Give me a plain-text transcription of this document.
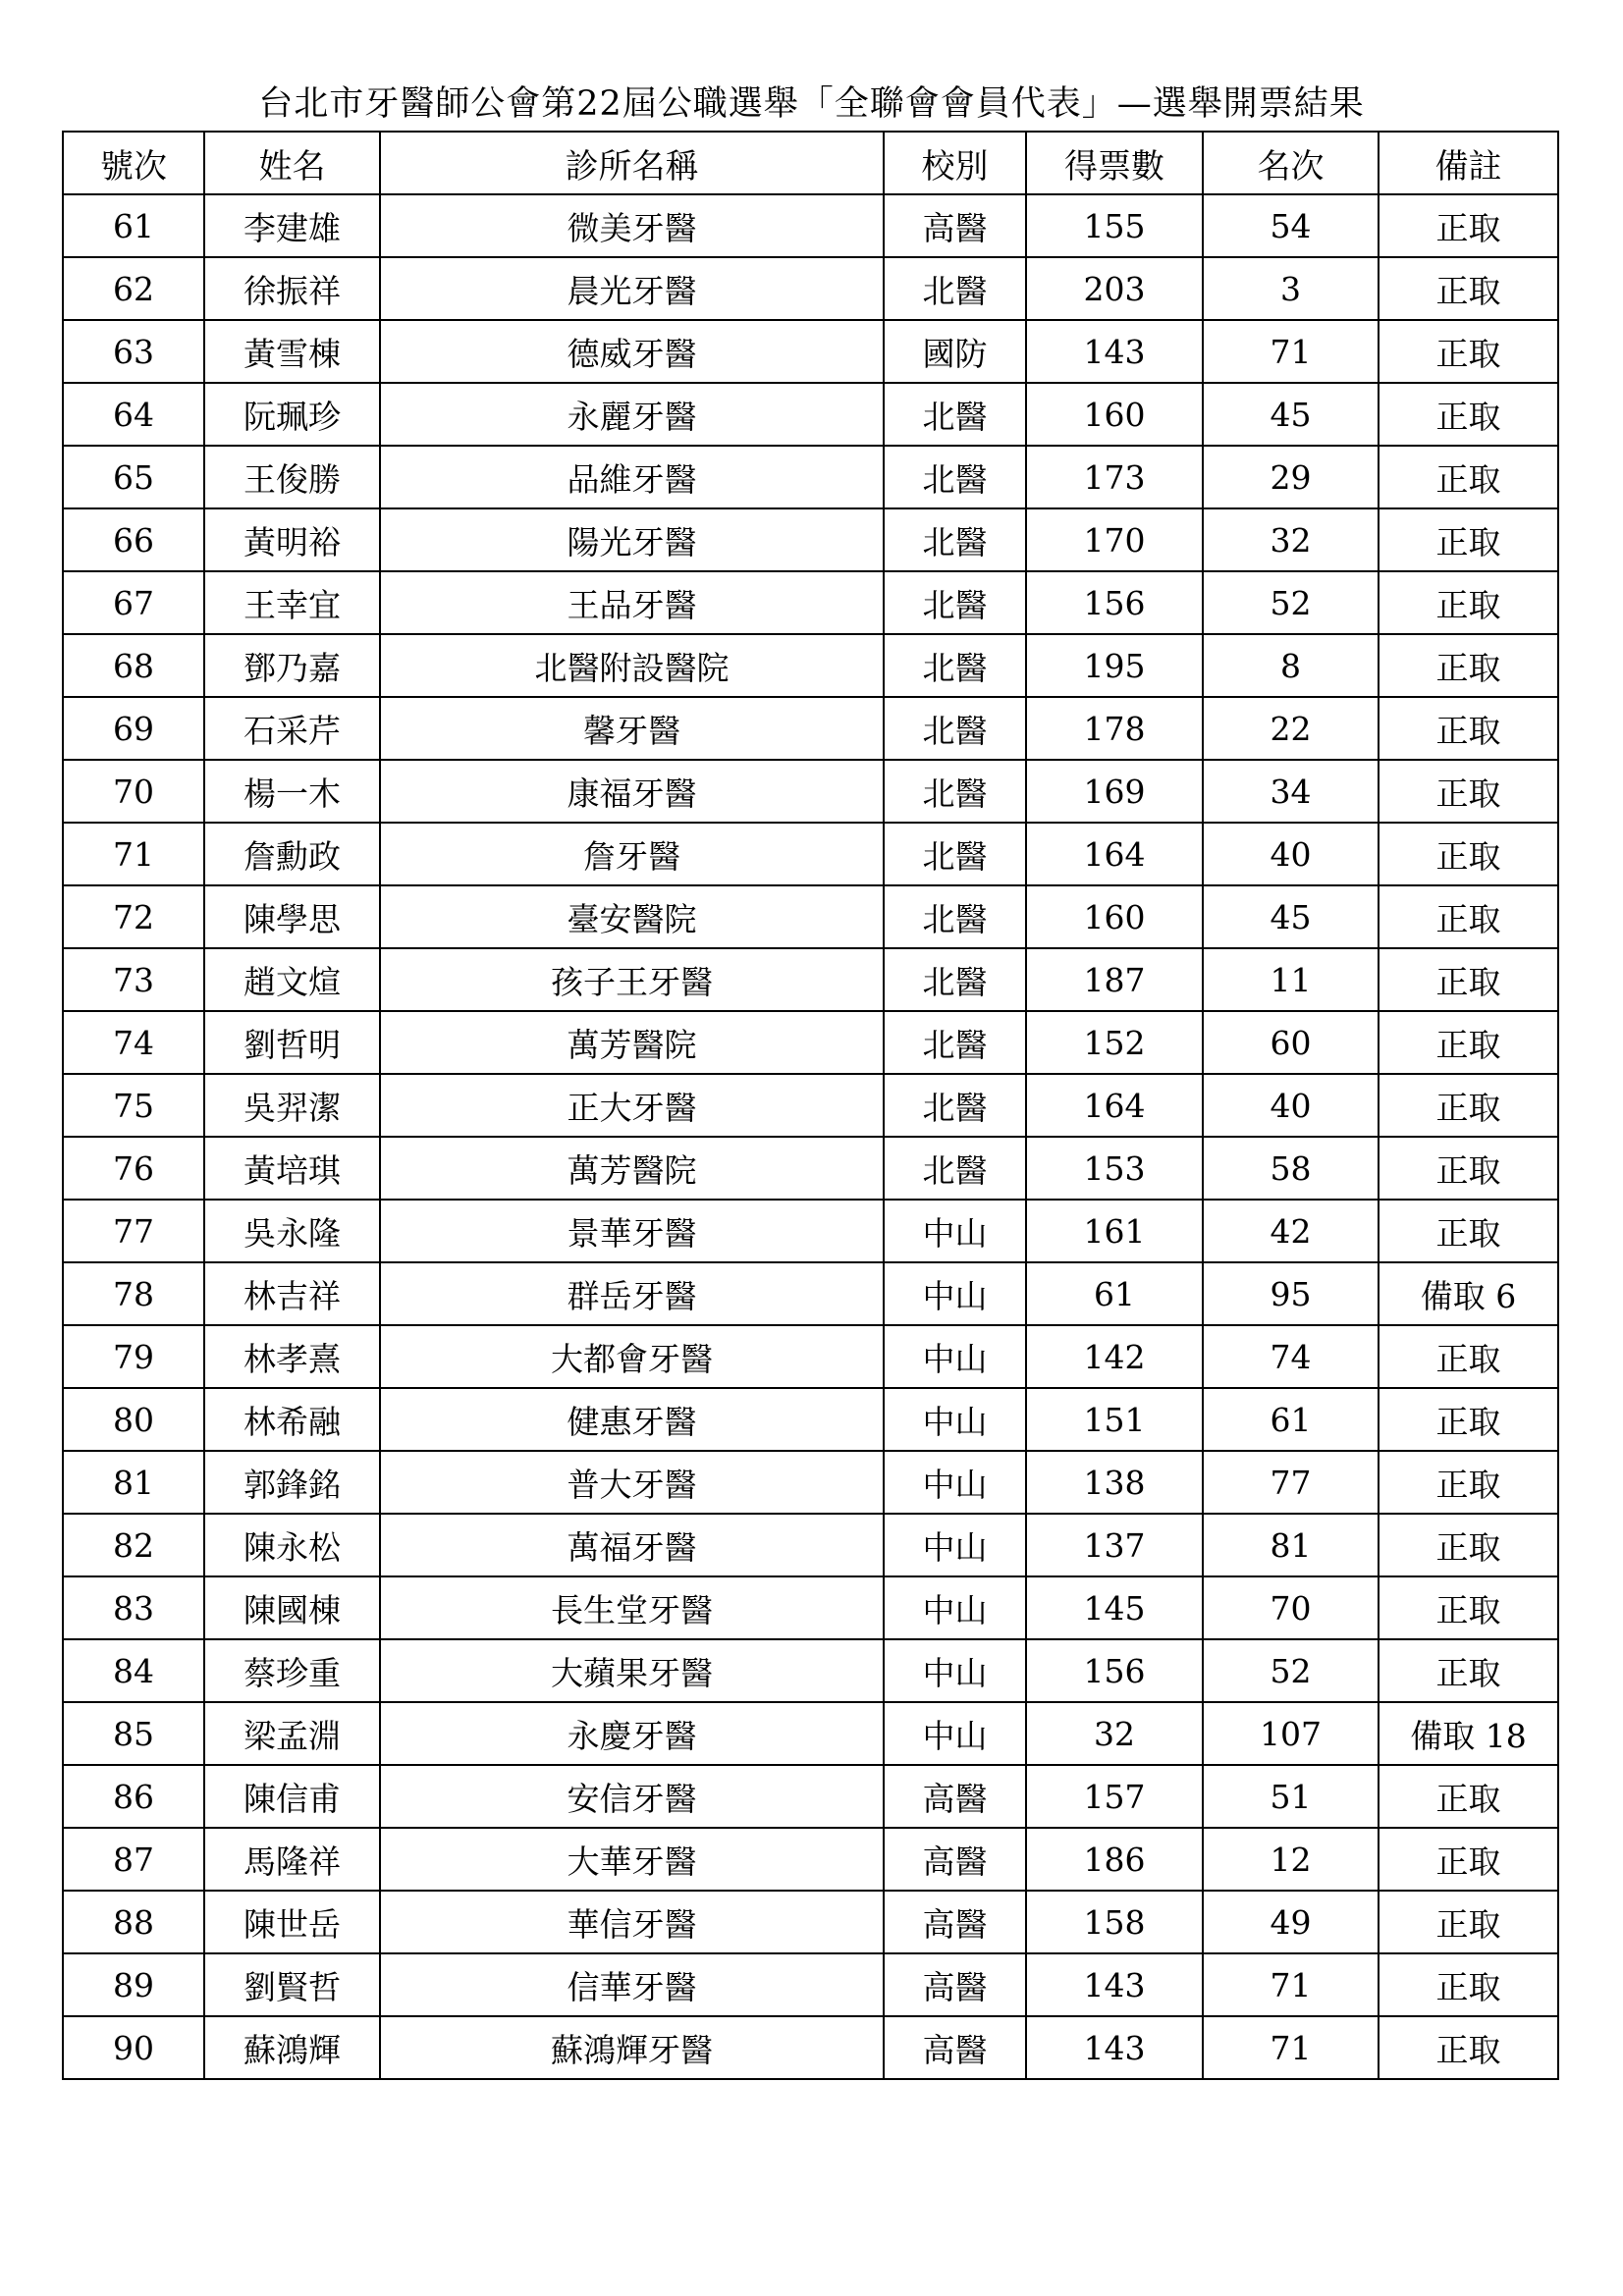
台北市牙醫師公會第22屆公職選舉「全聯會會員代表」—選舉開票結果
號次	姓名	診所名稱	校別	得票數	名次	備註
61	李建雄	微美牙醫	高醫	155	54	正取
62	徐振祥	晨光牙醫	北醫	203	3	正取
63	黃雪棟	德威牙醫	國防	143	71	正取
64	阮珮珍	永麗牙醫	北醫	160	45	正取
65	王俊勝	品維牙醫	北醫	173	29	正取
66	黃明裕	陽光牙醫	北醫	170	32	正取
67	王幸宜	王品牙醫	北醫	156	52	正取
68	鄧乃嘉	北醫附設醫院	北醫	195	8	正取
69	石采芹	馨牙醫	北醫	178	22	正取
70	楊一木	康福牙醫	北醫	169	34	正取
71	詹勳政	詹牙醫	北醫	164	40	正取
72	陳學思	臺安醫院	北醫	160	45	正取
73	趙文煊	孩子王牙醫	北醫	187	11	正取
74	劉哲明	萬芳醫院	北醫	152	60	正取
75	吳羿潔	正大牙醫	北醫	164	40	正取
76	黃培琪	萬芳醫院	北醫	153	58	正取
77	吳永隆	景華牙醫	中山	161	42	正取
78	林吉祥	群岳牙醫	中山	61	95	備取 6
79	林孝熹	大都會牙醫	中山	142	74	正取
80	林希融	健惠牙醫	中山	151	61	正取
81	郭鋒銘	普大牙醫	中山	138	77	正取
82	陳永松	萬福牙醫	中山	137	81	正取
83	陳國棟	長生堂牙醫	中山	145	70	正取
84	蔡珍重	大蘋果牙醫	中山	156	52	正取
85	梁孟淵	永慶牙醫	中山	32	107	備取 18
86	陳信甫	安信牙醫	高醫	157	51	正取
87	馬隆祥	大華牙醫	高醫	186	12	正取
88	陳世岳	華信牙醫	高醫	158	49	正取
89	劉賢哲	信華牙醫	高醫	143	71	正取
90	蘇鴻輝	蘇鴻輝牙醫	高醫	143	71	正取
